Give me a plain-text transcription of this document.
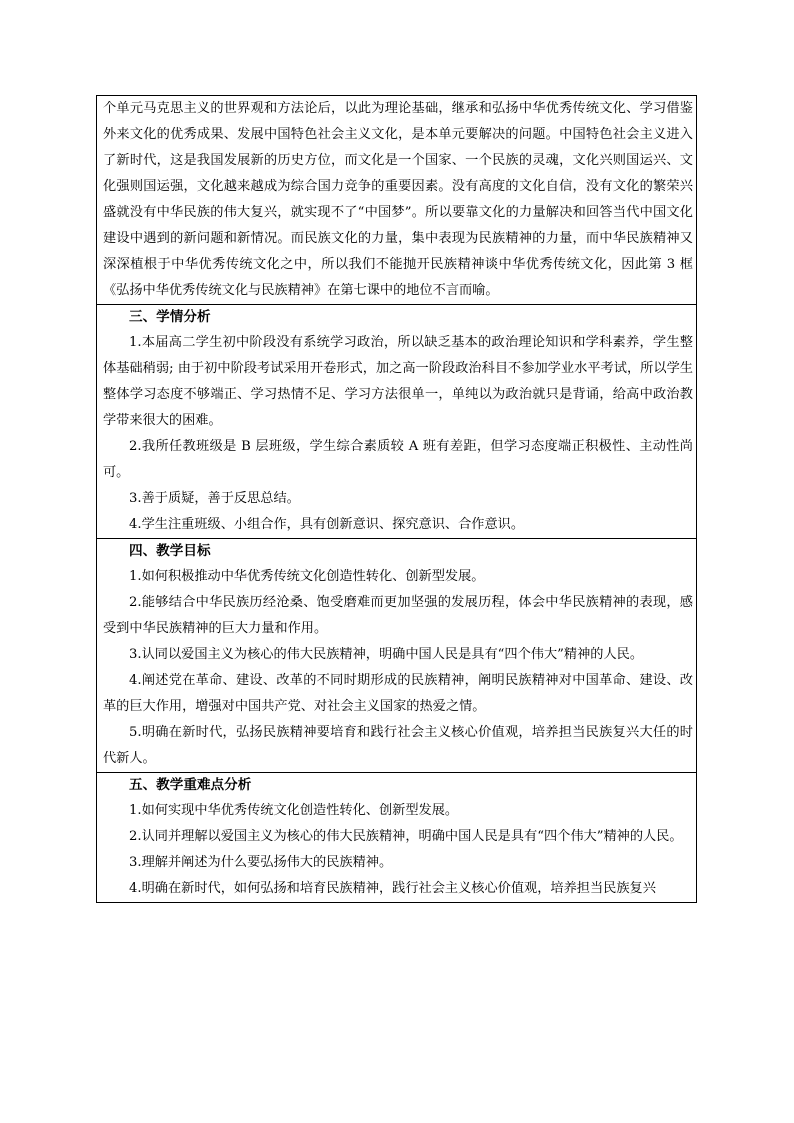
个单元马克思主义的世界观和方法论后，以此为理论基础，继承和弘扬中华优秀传统文化、学习借鉴外来文化的优秀成果、发展中国特色社会主义文化，是本单元要解决的问题。中国特色社会主义进入了新时代，这是我国发展新的历史方位，而文化是一个国家、一个民族的灵魂，文化兴则国运兴、文化强则国运强，文化越来越成为综合国力竞争的重要因素。没有高度的文化自信，没有文化的繁荣兴盛就没有中华民族的伟大复兴，就实现不了“中国梦”。所以要靠文化的力量解决和回答当代中国文化建设中遇到的新问题和新情况。而民族文化的力量，集中表现为民族精神的力量，而中华民族精神又深深植根于中华优秀传统文化之中，所以我们不能抛开民族精神谈中华优秀传统文化，因此第 3 框《弘扬中华优秀传统文化与民族精神》在第七课中的地位不言而喻。

三、学情分析

1.本届高二学生初中阶段没有系统学习政治，所以缺乏基本的政治理论知识和学科素养，学生整体基础稍弱; 由于初中阶段考试采用开卷形式，加之高一阶段政治科目不参加学业水平考试，所以学生整体学习态度不够端正、学习热情不足、学习方法很单一，单纯以为政治就只是背诵，给高中政治教学带来很大的困难。

2.我所任教班级是 B 层班级，学生综合素质较 A 班有差距，但学习态度端正积极性、主动性尚可。

3.善于质疑，善于反思总结。

4.学生注重班级、小组合作，具有创新意识、探究意识、合作意识。

四、教学目标

1.如何积极推动中华优秀传统文化创造性转化、创新型发展。

2.能够结合中华民族历经沧桑、饱受磨难而更加坚强的发展历程，体会中华民族精神的表现，感受到中华民族精神的巨大力量和作用。

3.认同以爱国主义为核心的伟大民族精神，明确中国人民是具有“四个伟大”精神的人民。

4.阐述党在革命、建设、改革的不同时期形成的民族精神，阐明民族精神对中国革命、建设、改革的巨大作用，增强对中国共产党、对社会主义国家的热爱之情。

5.明确在新时代，弘扬民族精神要培育和践行社会主义核心价值观，培养担当民族复兴大任的时代新人。

五、教学重难点分析

1.如何实现中华优秀传统文化创造性转化、创新型发展。

2.认同并理解以爱国主义为核心的伟大民族精神，明确中国人民是具有“四个伟大”精神的人民。

3.理解并阐述为什么要弘扬伟大的民族精神。

4.明确在新时代，如何弘扬和培育民族精神，践行社会主义核心价值观，培养担当民族复兴
